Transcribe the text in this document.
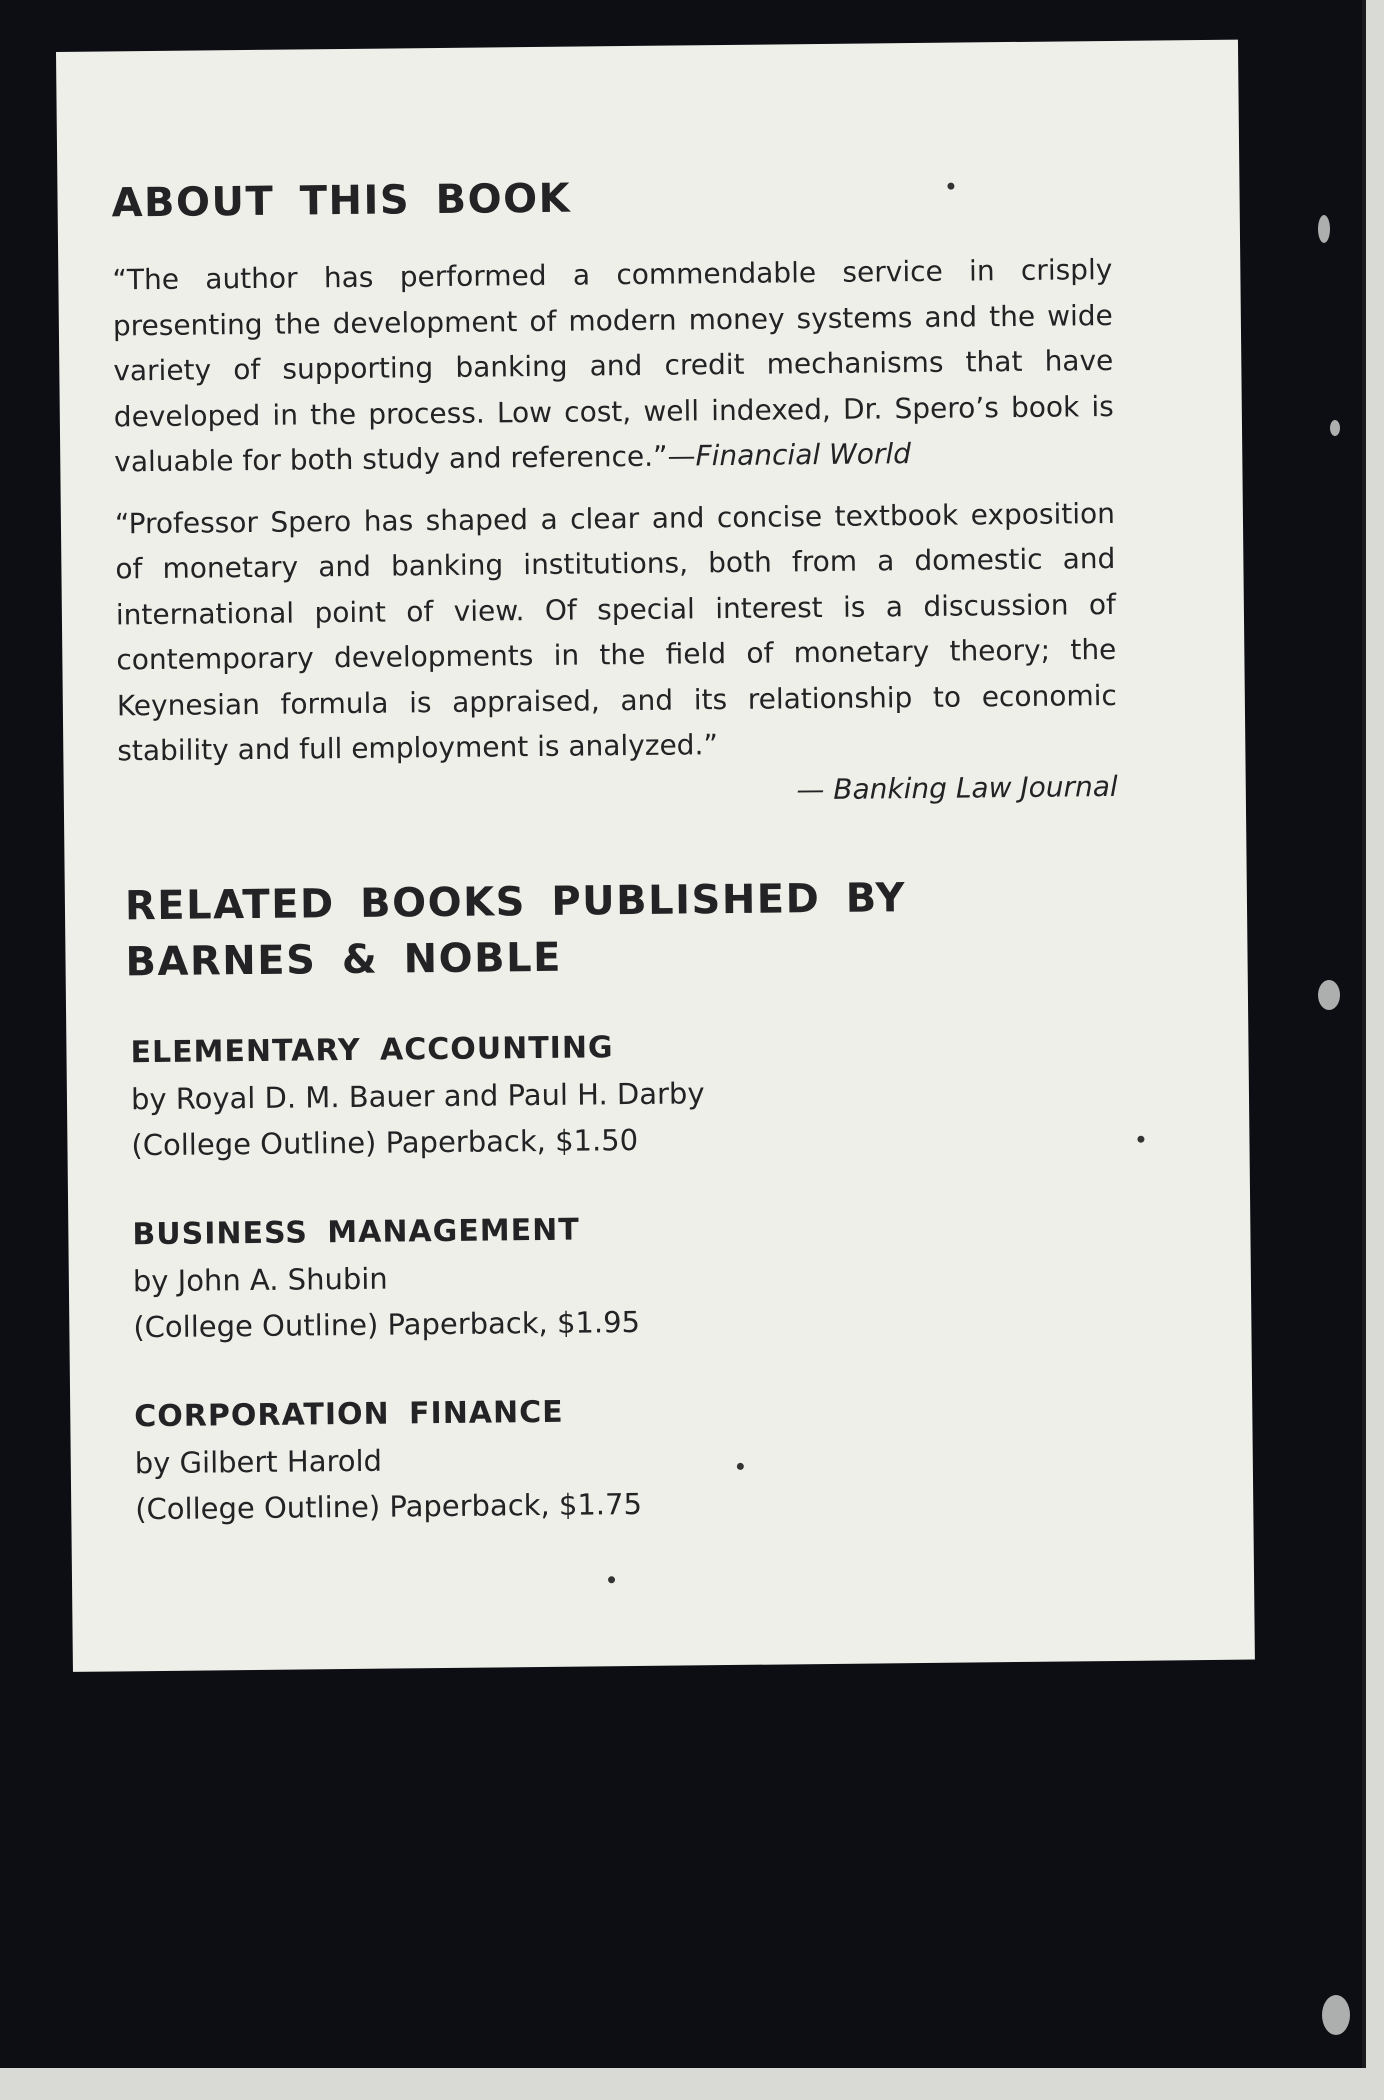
ABOUT THIS BOOK

“The author has performed a commendable service in crisply presenting the development of modern money systems and the wide variety of supporting banking and credit mechanisms that have developed in the process. Low cost, well indexed, Dr. Spero’s book is valuable for both study and reference.”—Financial World

“Professor Spero has shaped a clear and concise textbook exposition of monetary and banking institutions, both from a domestic and international point of view. Of special interest is a discussion of contemporary developments in the field of monetary theory; the Keynesian formula is appraised, and its relationship to economic stability and full employment is analyzed.”

— Banking Law Journal
RELATED BOOKS PUBLISHED BY
BARNES & NOBLE

ELEMENTARY ACCOUNTING

by Royal D. M. Bauer and Paul H. Darby

(College Outline) Paperback, $1.50

BUSINESS MANAGEMENT

by John A. Shubin

(College Outline) Paperback, $1.95

CORPORATION FINANCE

by Gilbert Harold

(College Outline) Paperback, $1.75
